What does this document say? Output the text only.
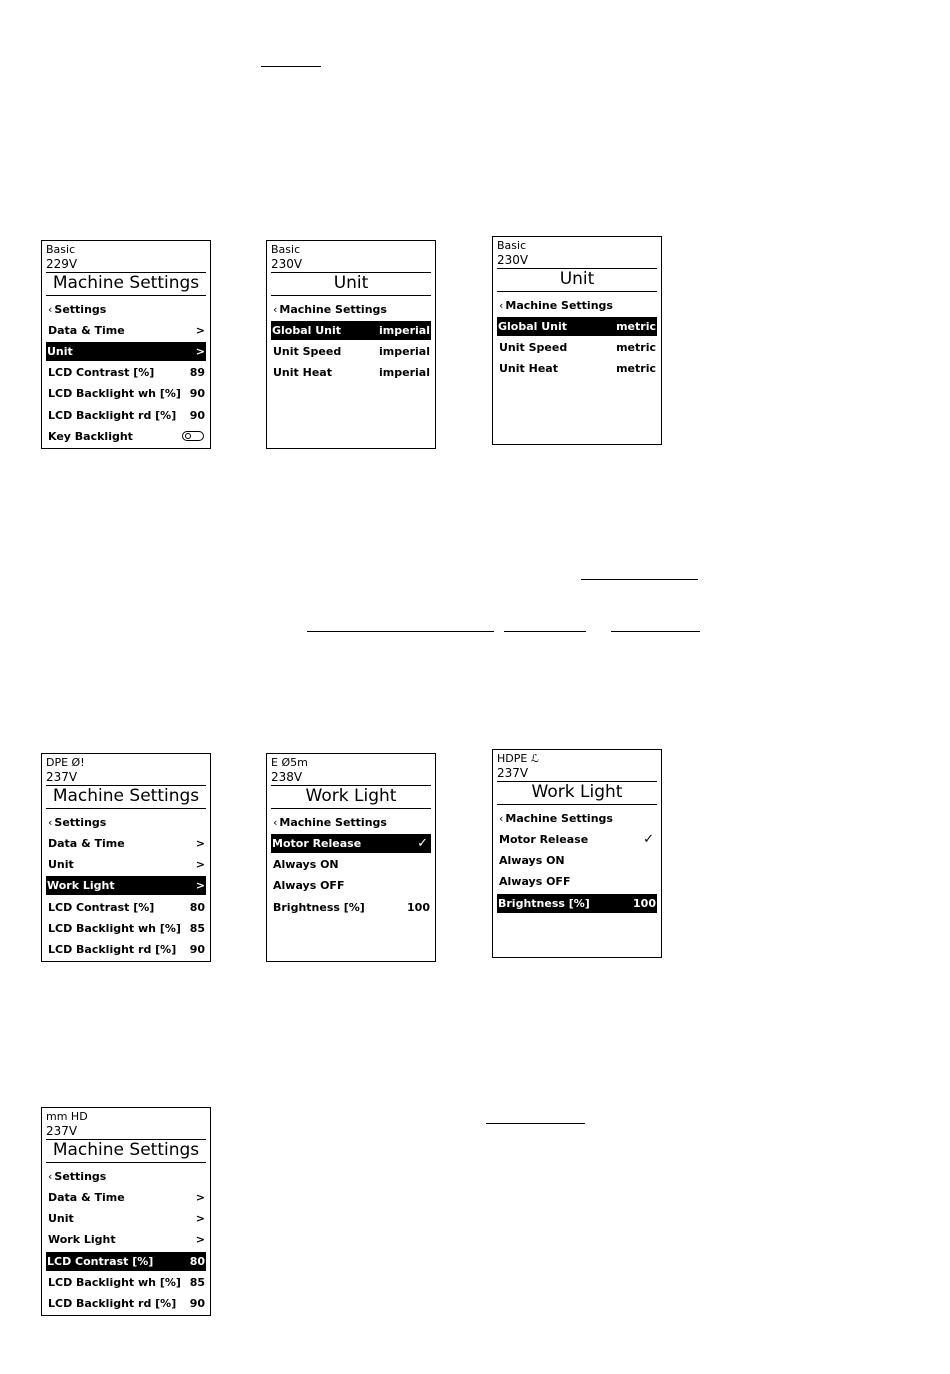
Basic
229V
Machine Settings
‹ Settings
Data & Time	>
Unit	>
LCD Contrast [%]	89
LCD Backlight wh [%] 90
LCD Backlight rd [%] 90
Key Backlight
Basic
230V
Unit
‹ Machine Settings
Global Unit	imperial
Unit Speed	imperial
Unit Heat	imperial
Basic
230V
Unit
‹ Machine Settings
Global Unit	metric
Unit Speed	metric
Unit Heat	metric
DPE Ø!
237V
Machine Settings
‹ Settings
Data & Time	>
Unit	>
Work Light	>
LCD Contrast [%]	80
LCD Backlight wh [%] 85
LCD Backlight rd [%] 90
E Ø5m
238V
Work Light
‹ Machine Settings
Motor Release	✓
Always ON
Always OFF
Brightness [%]	100
HDPE ℒ
237V
Work Light
‹ Machine Settings
Motor Release	✓
Always ON
Always OFF
Brightness [%]	100
mm HD
237V
Machine Settings
‹ Settings
Data & Time	>
Unit	>
Work Light	>
LCD Contrast [%]	80
LCD Backlight wh [%] 85
LCD Backlight rd [%] 90
